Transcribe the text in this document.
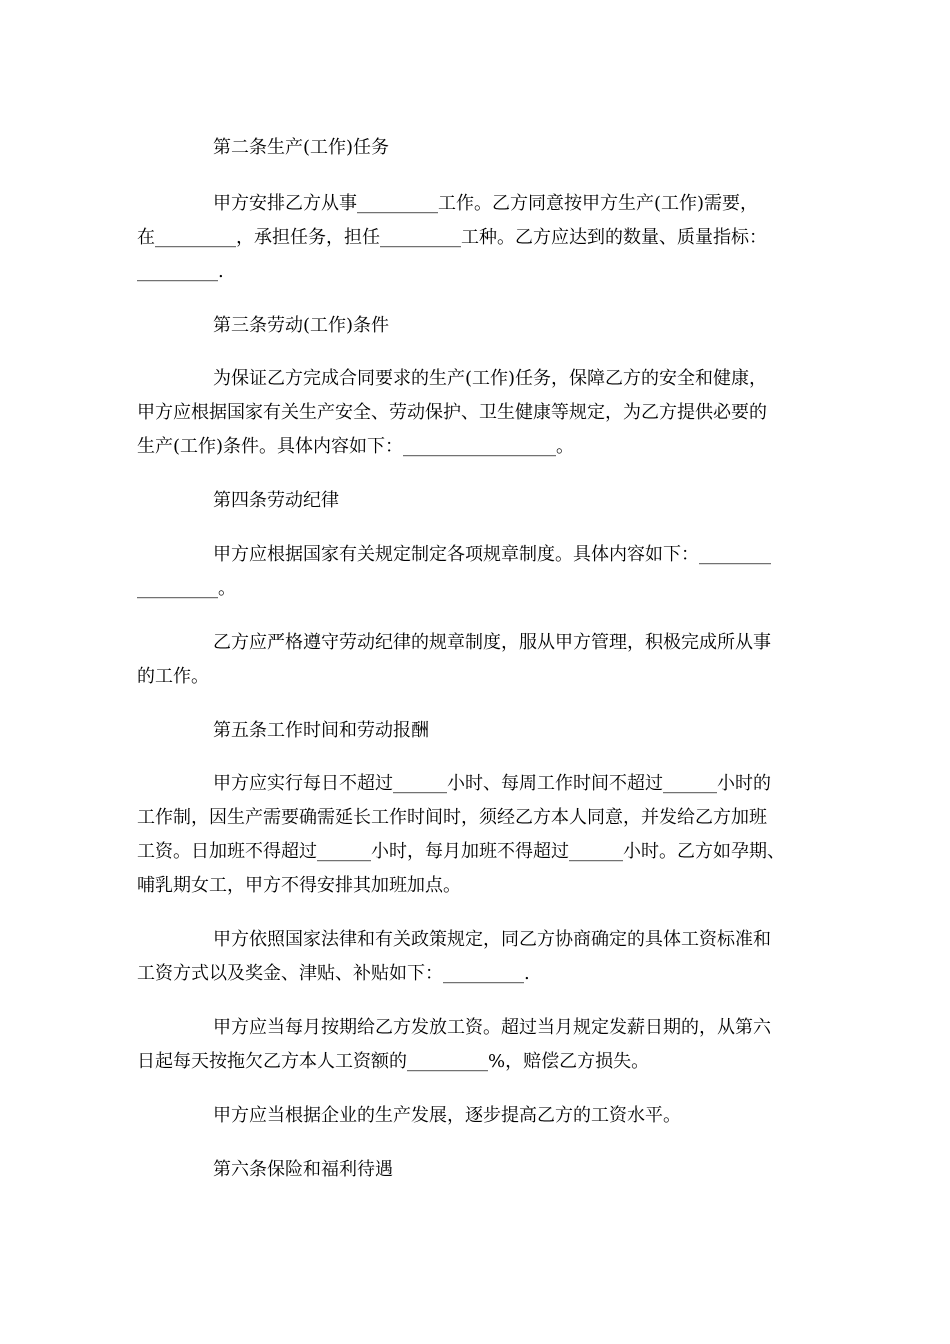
第二条生产(工作)任务
甲方安排乙方从事_________工作。乙方同意按甲方生产(工作)需要，
在_________，承担任务，担任_________工种。乙方应达到的数量、质量指标：
_________.
第三条劳动(工作)条件
为保证乙方完成合同要求的生产(工作)任务，保障乙方的安全和健康，
甲方应根据国家有关生产安全、劳动保护、卫生健康等规定，为乙方提供必要的
生产(工作)条件。具体内容如下：_________________。
第四条劳动纪律
甲方应根据国家有关规定制定各项规章制度。具体内容如下：________
_________。
乙方应严格遵守劳动纪律的规章制度，服从甲方管理，积极完成所从事
的工作。
第五条工作时间和劳动报酬
甲方应实行每日不超过______小时、每周工作时间不超过______小时的
工作制，因生产需要确需延长工作时间时，须经乙方本人同意，并发给乙方加班
工资。日加班不得超过______小时，每月加班不得超过______小时。乙方如孕期、
哺乳期女工，甲方不得安排其加班加点。
甲方依照国家法律和有关政策规定，同乙方协商确定的具体工资标准和
工资方式以及奖金、津贴、补贴如下：_________.
甲方应当每月按期给乙方发放工资。超过当月规定发薪日期的，从第六
日起每天按拖欠乙方本人工资额的_________%，赔偿乙方损失。
甲方应当根据企业的生产发展，逐步提高乙方的工资水平。
第六条保险和福利待遇
